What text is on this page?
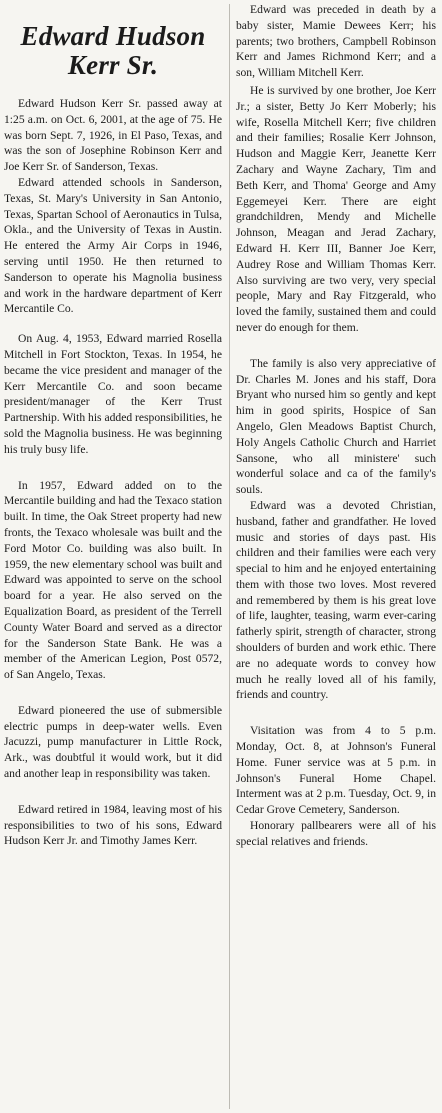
Edward Hudson Kerr Sr.

Edward Hudson Kerr Sr. passed away at 1:25 a.m. on Oct. 6, 2001, at the age of 75. He was born Sept. 7, 1926, in El Paso, Texas, and was the son of Josephine Robinson Kerr and Joe Kerr Sr. of Sanderson, Texas.

Edward attended schools in Sanderson, Texas, St. Mary's University in San Antonio, Texas, Spartan School of Aeronautics in Tulsa, Okla., and the University of Texas in Austin. He entered the Army Air Corps in 1946, serving until 1950. He then returned to Sanderson to operate his Magnolia business and work in the hardware department of Kerr Mercantile Co.

On Aug. 4, 1953, Edward married Rosella Mitchell in Fort Stockton, Texas. In 1954, he became the vice president and manager of the Kerr Mercantile Co. and soon became president/manager of the Kerr Trust Partnership. With his added responsibilities, he sold the Magnolia business. He was beginning his truly busy life.

In 1957, Edward added on to the Mercantile building and had the Texaco station built. In time, the Oak Street property had new fronts, the Texaco wholesale was built and the Ford Motor Co. building was also built. In 1959, the new elementary school was built and Edward was appointed to serve on the school board for a year. He also served on the Equalization Board, as president of the Terrell County Water Board and served as a director for the Sanderson State Bank. He was a member of the American Legion, Post 0572, of San Angelo, Texas.

Edward pioneered the use of submersible electric pumps in deep-water wells. Even Jacuzzi, pump manufacturer in Little Rock, Ark., was doubtful it would work, but it did and another leap in responsibility was taken.

Edward retired in 1984, leaving most of his responsibilities to two of his sons, Edward Hudson Kerr Jr. and Timothy James Kerr.

Edward was preceded in death by a baby sister, Mamie Dewees Kerr; his parents; two brothers, Campbell Robinson Kerr and James Richmond Kerr; and a son, William Mitchell Kerr.

He is survived by one brother, Joe Kerr Jr.; a sister, Betty Jo Kerr Moberly; his wife, Rosella Mitchell Kerr; five children and their families; Rosalie Kerr Johnson, Hudson and Maggie Kerr, Jeanette Kerr Zachary and Wayne Zachary, Tim and Beth Kerr, and Thoma' George and Amy Eggemeyei Kerr. There are eight grandchildren, Mendy and Michelle Johnson, Meagan and Jerad Zachary, Edward H. Kerr III, Banner Joe Kerr, Audrey Rose and William Thomas Kerr. Also surviving are two very, very special people, Mary and Ray Fitzgerald, who loved the family, sustained them and could never do enough for them.

The family is also very appreciative of Dr. Charles M. Jones and his staff, Dora Bryant who nursed him so gently and kept him in good spirits, Hospice of San Angelo, Glen Meadows Baptist Church, Holy Angels Catholic Church and Harriet Sansone, who all ministere' such wonderful solace and ca of the family's souls.

Edward was a devoted Christian, husband, father and grandfather. He loved music and stories of days past. His children and their families were each very special to him and he enjoyed entertaining them with those two loves. Most revered and remembered by them is his great love of life, laughter, teasing, warm ever-caring fatherly spirit, strength of character, strong shoulders of burden and work ethic. There are no adequate words to convey how much he really loved all of his family, friends and country.

Visitation was from 4 to 5 p.m. Monday, Oct. 8, at Johnson's Funeral Home. Funer service was at 5 p.m. in Johnson's Funeral Home Chapel. Interment was at 2 p.m. Tuesday, Oct. 9, in Cedar Grove Cemetery, Sanderson.

Honorary pallbearers were all of his special relatives and friends.
